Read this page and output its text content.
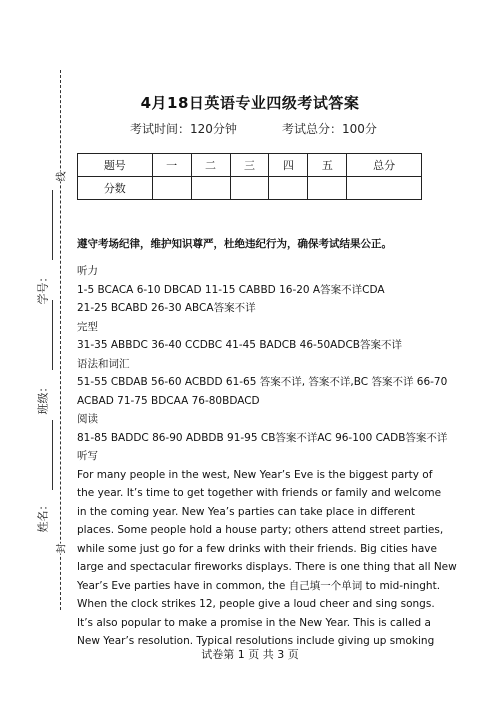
线
封
学号：
班级：
姓名：
4月18日英语专业四级考试答案
考试时间：120分钟	考试总分：100分
题号	一	二	三	四	五	总分
分数						
遵守考场纪律，维护知识尊严，杜绝违纪行为，确保考试结果公正。
听力
1-5 BCACA 6-10 DBCAD 11-15 CABBD 16-20 A答案不详CDA
21-25 BCABD 26-30 ABCA答案不详
完型
31-35 ABBDC 36-40 CCDBC 41-45 BADCB 46-50ADCB答案不详
语法和词汇
51-55 CBDAB 56-60 ACBDD 61-65 答案不详, 答案不详,BC 答案不详 66-70
ACBAD 71-75 BDCAA 76-80BDACD
阅读
81-85 BADDC 86-90 ADBDB 91-95 CB答案不详AC 96-100 CADB答案不详
听写
For many people in the west, New Year’s Eve is the biggest party of
the year. It’s time to get together with friends or family and welcome
in the coming year. New Yea’s parties can take place in different
places. Some people hold a house party; others attend street parties,
while some just go for a few drinks with their friends. Big cities have
large and spectacular fireworks displays. There is one thing that all New
Year’s Eve parties have in common, the 自己填一个单词 to mid-ninght.
When the clock strikes 12, people give a loud cheer and sing songs.
It’s also popular to make a promise in the New Year. This is called a
New Year’s resolution. Typical resolutions include giving up smoking
试卷第 1 页 共 3 页
